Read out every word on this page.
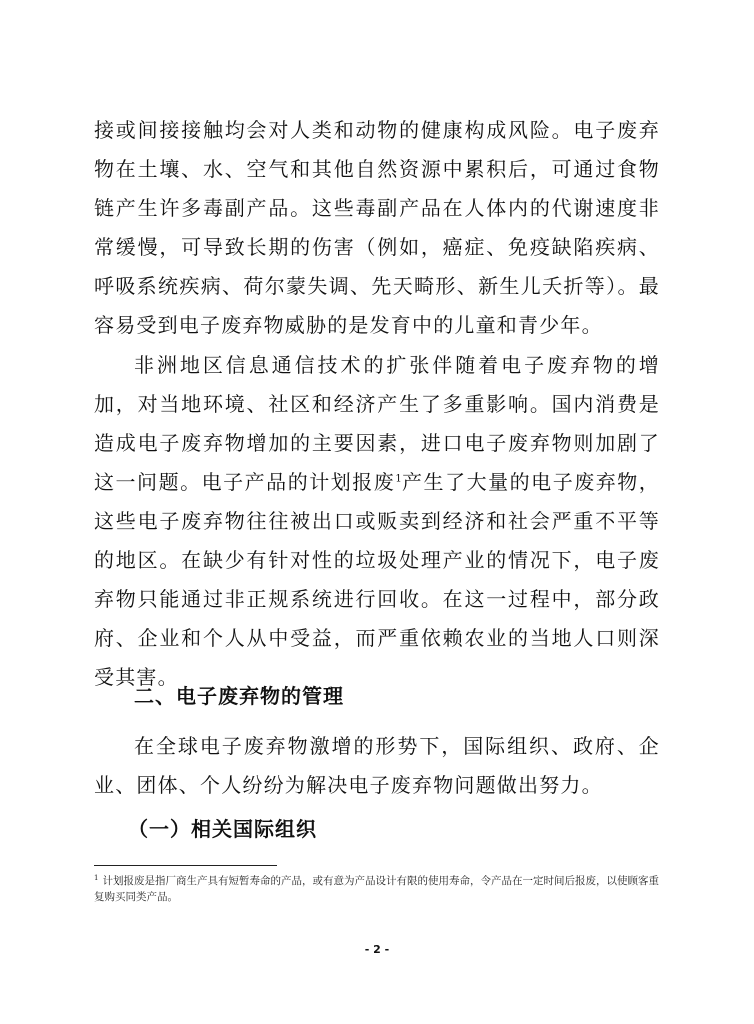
接或间接接触均会对人类和动物的健康构成风险。电子废弃物在土壤、水、空气和其他自然资源中累积后，可通过食物链产生许多毒副产品。这些毒副产品在人体内的代谢速度非常缓慢，可导致长期的伤害（例如，癌症、免疫缺陷疾病、呼吸系统疾病、荷尔蒙失调、先天畸形、新生儿夭折等）。最容易受到电子废弃物威胁的是发育中的儿童和青少年。

非洲地区信息通信技术的扩张伴随着电子废弃物的增加，对当地环境、社区和经济产生了多重影响。国内消费是造成电子废弃物增加的主要因素，进口电子废弃物则加剧了这一问题。电子产品的计划报废$^1$产生了大量的电子废弃物，这些电子废弃物往往被出口或贩卖到经济和社会严重不平等的地区。在缺少有针对性的垃圾处理产业的情况下，电子废弃物只能通过非正规系统进行回收。在这一过程中，部分政府、企业和个人从中受益，而严重依赖农业的当地人口则深受其害。

二、电子废弃物的管理

在全球电子废弃物激增的形势下，国际组织、政府、企业、团体、个人纷纷为解决电子废弃物问题做出努力。

（一）相关国际组织

$^1$ 计划报废是指厂商生产具有短暂寿命的产品，或有意为产品设计有限的使用寿命，令产品在一定时间后报废，以使顾客重复购买同类产品。

- 2 -
